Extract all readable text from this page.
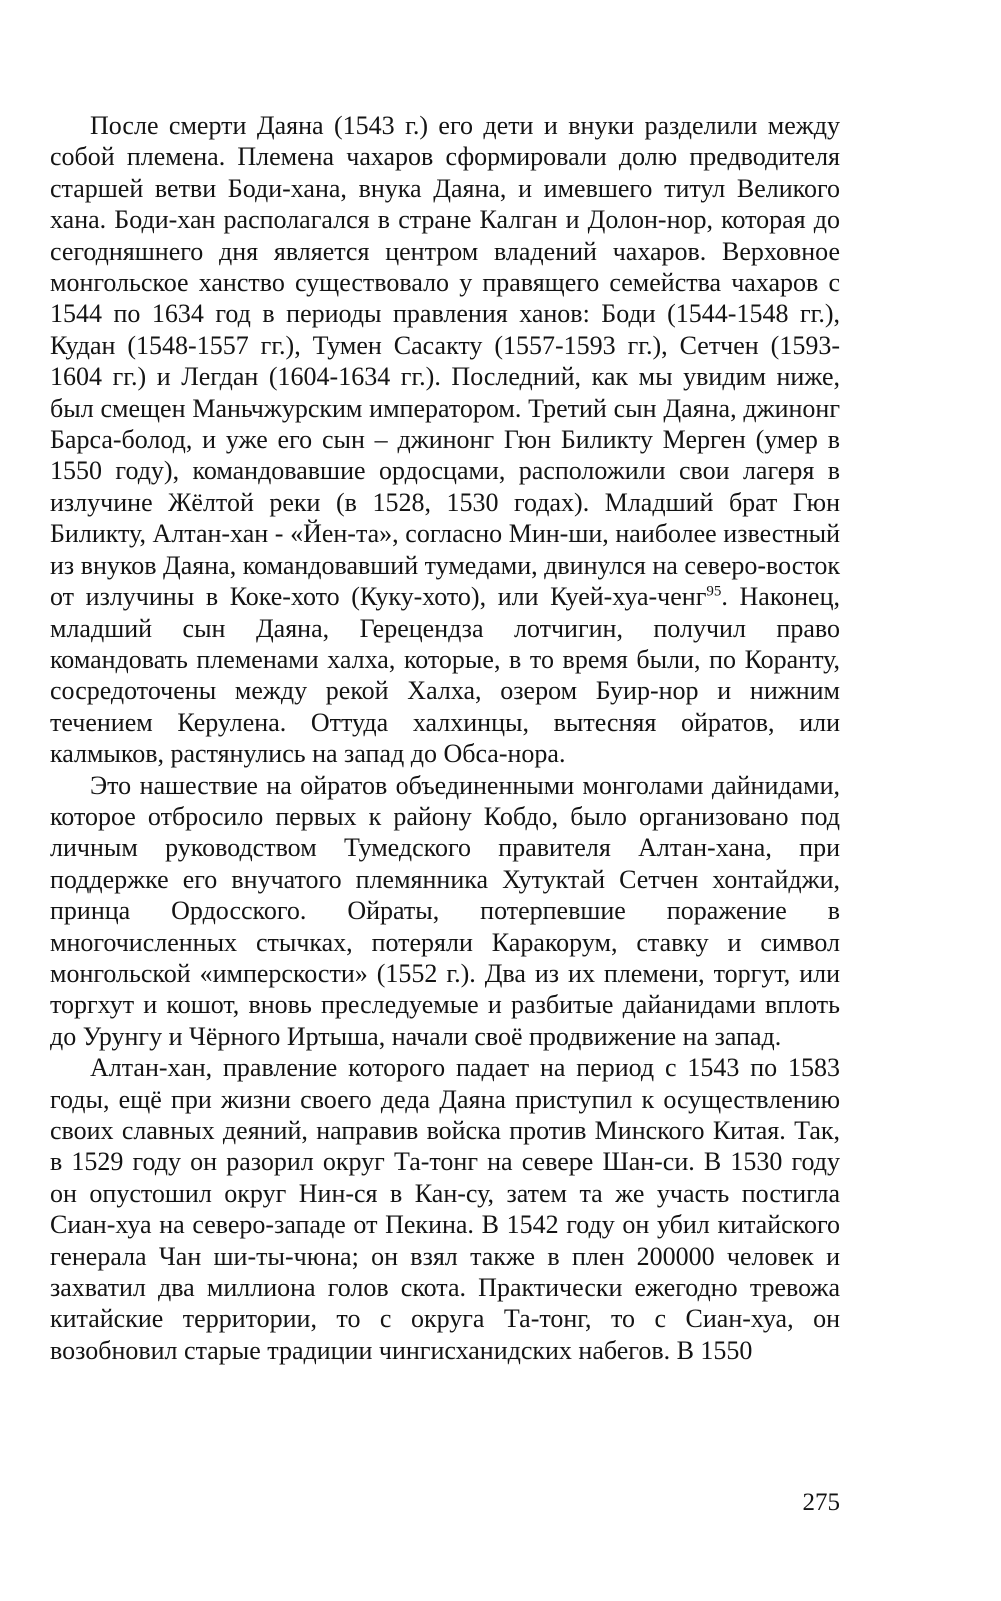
После смерти Даяна (1543 г.) его дети и внуки разделили между собой племена. Племена чахаров сформировали долю предводителя старшей ветви Боди-хана, внука Даяна, и имевшего титул Великого хана. Боди-хан располагался в стране Калган и Долон-нор, которая до сегодняшнего дня является центром владений чахаров. Верховное монгольское ханство существовало у правящего семейства чахаров с 1544 по 1634 год в периоды правления ханов: Боди (1544-1548 гг.), Кудан (1548-1557 гг.), Тумен Сасакту (1557-1593 гг.), Сетчен (1593-1604 гг.) и Легдан (1604-1634 гг.). Последний, как мы увидим ниже, был смещен Маньчжурским императором. Третий сын Даяна, джинонг Барса-болод, и уже его сын – джинонг Гюн Биликту Мерген (умер в 1550 году), командовавшие ордосцами, расположили свои лагеря в излучине Жёлтой реки (в 1528, 1530 годах). Младший брат Гюн Биликту, Алтан-хан - «Йен-та», согласно Мин-ши, наиболее известный из внуков Даяна, командовавший тумедами, двинулся на северо-восток от излучины в Коке-хото (Куку-хото), или Куей-хуа-ченг$^{95}$. Наконец, младший сын Даяна, Герецендза лотчигин, получил право командовать племенами халха, которые, в то время были, по Коранту, сосредоточены между рекой Халха, озером Буир-нор и нижним течением Керулена. Оттуда халхинцы, вытесняя ойратов, или калмыков, растянулись на запад до Обса-нора.

Это нашествие на ойратов объединенными монголами дайнидами, которое отбросило первых к району Кобдо, было организовано под личным руководством Тумедского правителя Алтан-хана, при поддержке его внучатого племянника Хутуктай Сетчен хонтайджи, принца Ордосского. Ойраты, потерпевшие поражение в многочисленных стычках, потеряли Каракорум, ставку и символ монгольской «имперскости» (1552 г.). Два из их племени, торгут, или торгхут и кошот, вновь преследуемые и разбитые дайанидами вплоть до Урунгу и Чёрного Иртыша, начали своё продвижение на запад.

Алтан-хан, правление которого падает на период с 1543 по 1583 годы, ещё при жизни своего деда Даяна приступил к осуществлению своих славных деяний, направив войска против Минского Китая. Так, в 1529 году он разорил округ Та-тонг на севере Шан-си. В 1530 году он опустошил округ Нин-ся в Кан-су, затем та же участь постигла Сиан-хуа на северо-западе от Пекина. В 1542 году он убил китайского генерала Чан ши-ты-чюна; он взял также в плен 200000 человек и захватил два миллиона голов скота. Практически ежегодно тревожа китайские территории, то с округа Та-тонг, то с Сиан-хуа, он возобновил старые традиции чингисханидских набегов. В 1550

275
